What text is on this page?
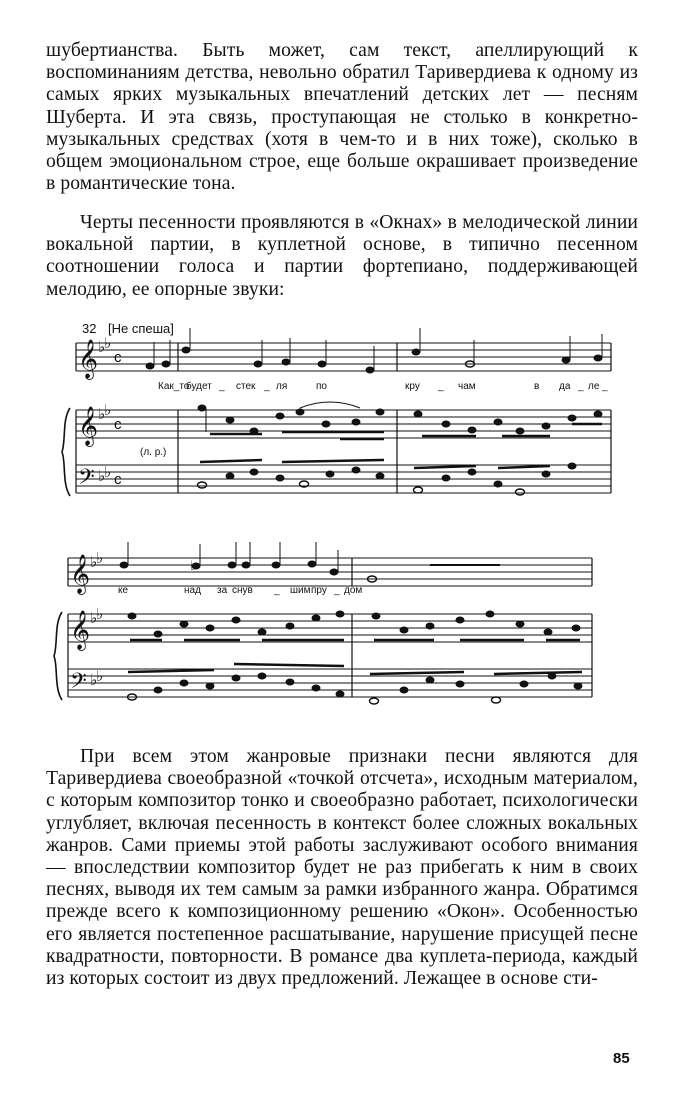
шубертианства. Быть может, сам текст, апеллирующий к воспоминаниям детства, невольно обратил Таривердиева к одному из самых ярких музыкальных впечатлений детских лет — песням Шуберта. И эта связь, проступающая не столько в конкретно-музыкальных средствах (хотя в чем-то и в них тоже), сколько в общем эмоциональном строе, еще больше окрашивает произведение в романтические тона.

Черты песенности проявляются в «Окнах» в мелодической линии вокальной партии, в куплетной основе, в типично песенном соотношении голоса и партии фортепиано, поддерживающей мелодию, ее опорные звуки:

32 [Не спеша]
𝄞
𝄞
𝄢
♭
♭
♭
♭
♭
♭
c
c
c
(л. р.)
Как_то
будет _ стек _ ля	по	кру _ чам	в да _ ле _
𝄞
𝄞
𝄢
♭
♭
♭
♭
♭
♭
♭
ке	над за снув _ шим пру _ дом

При всем этом жанровые признаки песни являются для Таривердиева своеобразной «точкой отсчета», исходным материалом, с которым композитор тонко и своеобразно работает, психологически углубляет, включая песенность в контекст более сложных вокальных жанров. Сами приемы этой работы заслуживают особого внимания — впоследствии композитор будет не раз прибегать к ним в своих песнях, выводя их тем самым за рамки избранного жанра. Обратимся прежде всего к композиционному решению «Окон». Особенностью его является постепенное расшатывание, нарушение присущей песне квадратности, повторности. В романсе два куплета-периода, каждый из которых состоит из двух предложений. Лежащее в основе сти-

85
